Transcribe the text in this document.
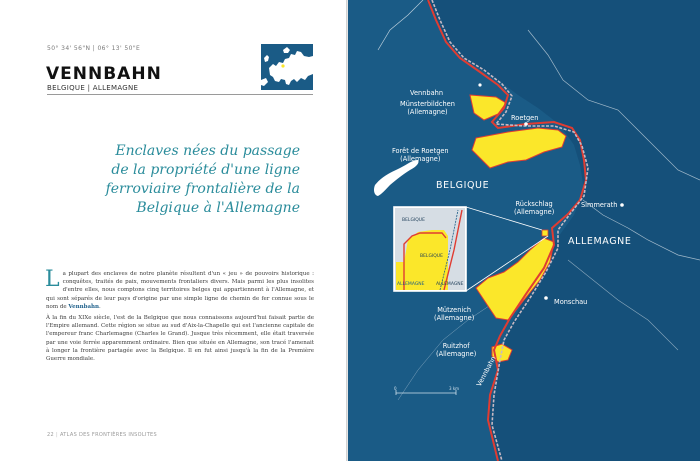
50° 34' 56"N | 06° 13' 50"E
VENNBAHN
BELGIQUE | ALLEMAGNE
Enclaves nées du passage
de la propriété d'une ligne
ferroviaire frontalière de la
Belgique à l'Allemagne

La plupart des enclaves de notre planète résultent d'un « jeu » de pouvoirs historique : conquêtes, traités de paix, mouvements frontaliers divers. Mais parmi les plus insolites d'entre elles, nous comptons cinq territoires belges qui appartiennent à l'Allemagne, et qui sont séparés de leur pays d'origine par une simple ligne de chemin de fer connue sous le nom de Vennbahn.

À la fin du XIXe siècle, l'est de la Belgique que nous connaissons aujourd'hui faisait partie de l'Empire allemand. Cette région se situe au sud d'Aix-la-Chapelle qui est l'ancienne capitale de l'empereur franc Charlemagne (Charles le Grand). Jusque très récemment, elle était traversée par une voie ferrée apparemment ordinaire. Bien que située en Allemagne, son tracé l'amenait à longer la frontière partagée avec la Belgique. Il en fut ainsi jusqu'à la fin de la Première Guerre mondiale.

22 | ATLAS DES FRONTIÈRES INSOLITES
BELGIQUE
BELGIQUE
ALLEMAGNE	ALLEMAGNE
0	3 km
Vennbahn
Münsterbildchen
(Allemagne)
Roetgen
Forêt de Roetgen
(Allemagne)
BELGIQUE
Rückschlag
(Allemagne)
Simmerath
ALLEMAGNE
Monschau
Mützenich
(Allemagne)
Ruitzhof
(Allemagne)
Vennbahn
